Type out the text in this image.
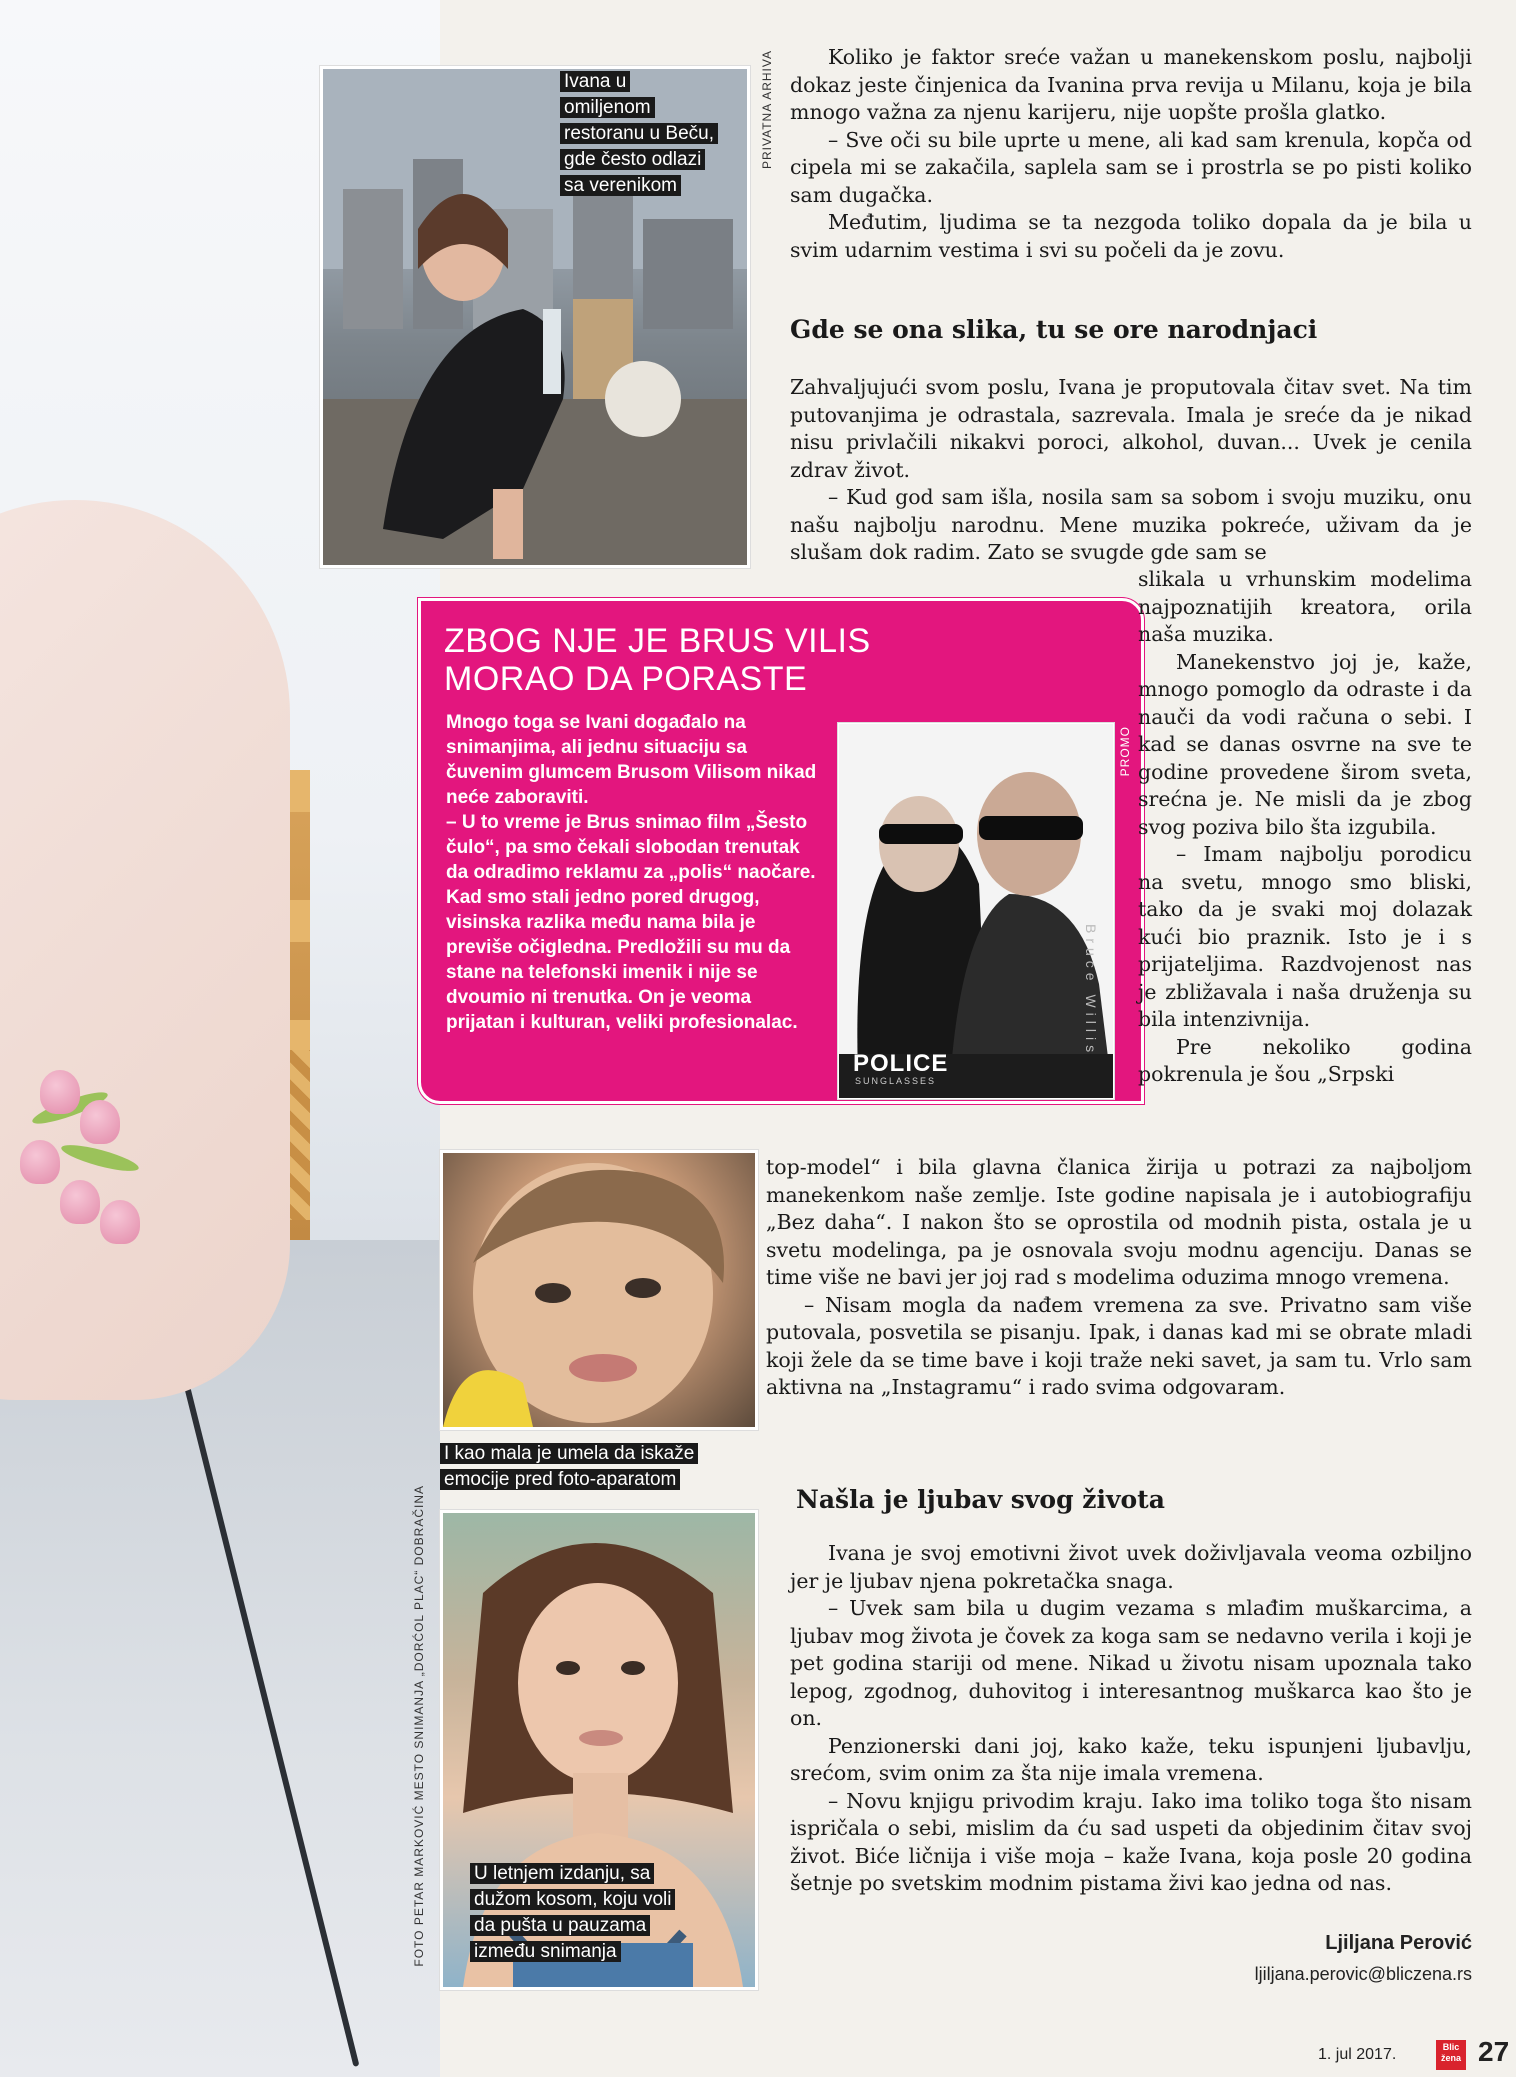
Ivana u
omiljenom
restoranu u Beču,
gde često odlazi
sa verenikom
PRIVATNA ARHIVA
ZBOG NJE JE BRUS VILIS MORAO DA PORASTE

Mnogo toga se Ivani događalo na snimanjima, ali jednu situaciju sa čuvenim glumcem Brusom Vilisom nikad neće zaboraviti.

– U to vreme je Brus snimao film „Šesto čulo“, pa smo čekali slobodan trenutak da odradimo reklamu za „polis“ naočare. Kad smo stali jedno pored drugog, visinska razlika među nama bila je previše očigledna. Predložili su mu da stane na telefonski imenik i nije se dvoumio ni trenutka. On je veoma prijatan i kulturan, veliki profesionalac.

POLICE
SUNGLASSES
Bruce Willis
PROMO
I kao mala je umela da iskaže
emocije pred foto-aparatom
U letnjem izdanju, sa
dužom kosom, koju voli
da pušta u pauzama
između snimanja
FOTO PETAR MARKOVIĆ MESTO SNIMANJA „DORĆOL PLAC“ DOBRAČINA

Koliko je faktor sreće važan u manekenskom poslu, najbolji dokaz jeste činjenica da Ivanina prva revija u Milanu, koja je bila mnogo važna za njenu karijeru, nije uopšte prošla glatko.

– Sve oči su bile uprte u mene, ali kad sam krenula, kopča od cipela mi se zakačila, saplela sam se i prostrla se po pisti koliko sam dugačka.

Međutim, ljudima se ta nezgoda toliko dopala da je bila u svim udarnim vestima i svi su počeli da je zovu.

Gde se ona slika, tu se ore narodnjaci

Zahvaljujući svom poslu, Ivana je proputovala čitav svet. Na tim putovanjima je odrastala, sazrevala. Imala je sreće da je nikad nisu privlačili nikakvi poroci, alkohol, duvan... Uvek je cenila zdrav život.

– Kud god sam išla, nosila sam sa sobom i svoju muziku, onu našu najbolju narodnu. Mene muzika pokreće, uživam da je slušam dok radim. Zato se svugde gde sam se

slikala u vrhunskim modelima najpoznatijih kreatora, orila naša muzika.

Manekenstvo joj je, kaže, mnogo pomoglo da odraste i da nauči da vodi računa o sebi. I kad se danas osvrne na sve te godine provedene širom sveta, srećna je. Ne misli da je zbog svog poziva bilo šta izgubila.

– Imam najbolju porodicu na svetu, mnogo smo bliski, tako da je svaki moj dolazak kući bio praznik. Isto je i s prijateljima. Razdvojenost nas je zbližavala i naša druženja su bila intenzivnija.

Pre nekoliko godina pokrenula je šou „Srpski

top-model“ i bila glavna članica žirija u potrazi za najboljom manekenkom naše zemlje. Iste godine napisala je i autobiografiju „Bez daha“. I nakon što se oprostila od modnih pista, ostala je u svetu modelinga, pa je osnovala svoju modnu agenciju. Danas se time više ne bavi jer joj rad s modelima oduzima mnogo vremena.

– Nisam mogla da nađem vremena za sve. Privatno sam više putovala, posvetila se pisanju. Ipak, i danas kad mi se obrate mladi koji žele da se time bave i koji traže neki savet, ja sam tu. Vrlo sam aktivna na „Instagramu“ i rado svima odgovaram.

Našla je ljubav svog života

Ivana je svoj emotivni život uvek doživljavala veoma ozbiljno jer je ljubav njena pokretačka snaga.

– Uvek sam bila u dugim vezama s mlađim muškarcima, a ljubav mog života je čovek za koga sam se nedavno verila i koji je pet godina stariji od mene. Nikad u životu nisam upoznala tako lepog, zgodnog, duhovitog i interesantnog muškarca kao što je on.

Penzionerski dani joj, kako kaže, teku ispunjeni ljubavlju, srećom, svim onim za šta nije imala vremena.

– Novu knjigu privodim kraju. Iako ima toliko toga što nisam ispričala o sebi, mislim da ću sad uspeti da objedinim čitav svoj život. Biće ličnija i više moja – kaže Ivana, koja posle 20 godina šetnje po svetskim modnim pistama živi kao jedna od nas.

Ljiljana Perović
ljiljana.perovic@bliczena.rs
1. jul 2017.	Blic
žena 27
